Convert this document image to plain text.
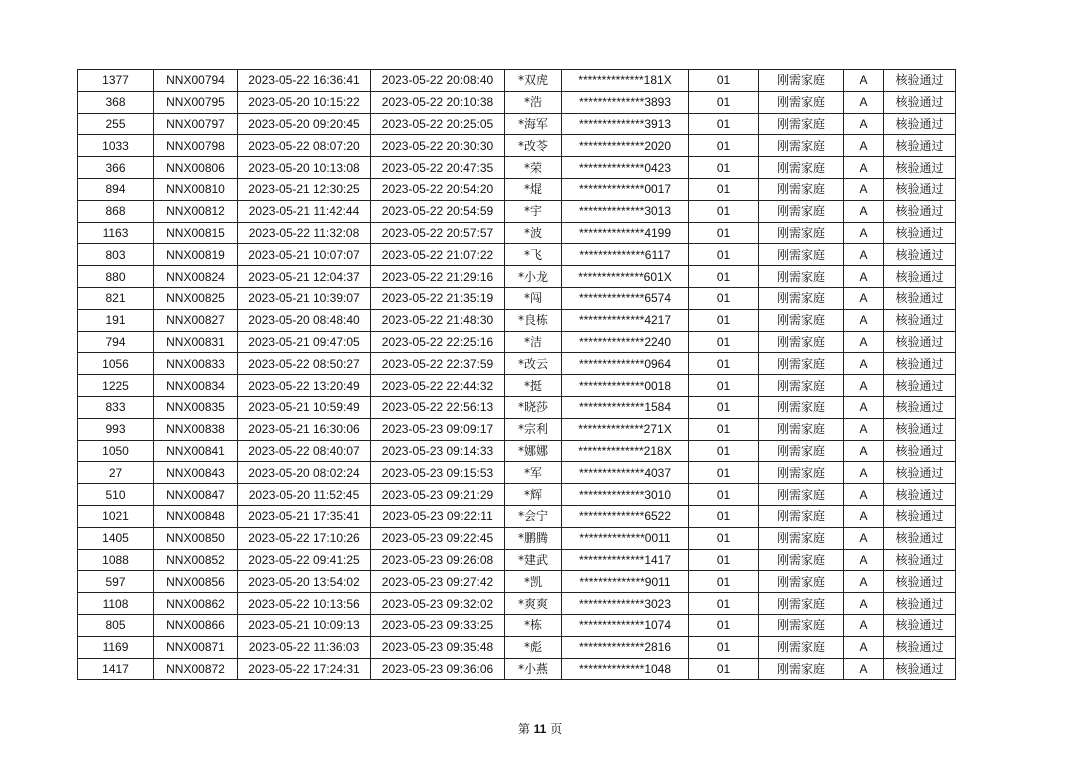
1377	NNX00794	2023-05-22 16:36:41	2023-05-22 20:08:40	*双虎	**************181X	01	刚需家庭	A	核验通过
368	NNX00795	2023-05-20 10:15:22	2023-05-22 20:10:38	*浩	**************3893	01	刚需家庭	A	核验通过
255	NNX00797	2023-05-20 09:20:45	2023-05-22 20:25:05	*海军	**************3913	01	刚需家庭	A	核验通过
1033	NNX00798	2023-05-22 08:07:20	2023-05-22 20:30:30	*改苓	**************2020	01	刚需家庭	A	核验通过
366	NNX00806	2023-05-20 10:13:08	2023-05-22 20:47:35	*荣	**************0423	01	刚需家庭	A	核验通过
894	NNX00810	2023-05-21 12:30:25	2023-05-22 20:54:20	*焜	**************0017	01	刚需家庭	A	核验通过
868	NNX00812	2023-05-21 11:42:44	2023-05-22 20:54:59	*宇	**************3013	01	刚需家庭	A	核验通过
1163	NNX00815	2023-05-22 11:32:08	2023-05-22 20:57:57	*波	**************4199	01	刚需家庭	A	核验通过
803	NNX00819	2023-05-21 10:07:07	2023-05-22 21:07:22	*飞	**************6117	01	刚需家庭	A	核验通过
880	NNX00824	2023-05-21 12:04:37	2023-05-22 21:29:16	*小龙	**************601X	01	刚需家庭	A	核验通过
821	NNX00825	2023-05-21 10:39:07	2023-05-22 21:35:19	*闯	**************6574	01	刚需家庭	A	核验通过
191	NNX00827	2023-05-20 08:48:40	2023-05-22 21:48:30	*良栋	**************4217	01	刚需家庭	A	核验通过
794	NNX00831	2023-05-21 09:47:05	2023-05-22 22:25:16	*洁	**************2240	01	刚需家庭	A	核验通过
1056	NNX00833	2023-05-22 08:50:27	2023-05-22 22:37:59	*改云	**************0964	01	刚需家庭	A	核验通过
1225	NNX00834	2023-05-22 13:20:49	2023-05-22 22:44:32	*挺	**************0018	01	刚需家庭	A	核验通过
833	NNX00835	2023-05-21 10:59:49	2023-05-22 22:56:13	*晓莎	**************1584	01	刚需家庭	A	核验通过
993	NNX00838	2023-05-21 16:30:06	2023-05-23 09:09:17	*宗利	**************271X	01	刚需家庭	A	核验通过
1050	NNX00841	2023-05-22 08:40:07	2023-05-23 09:14:33	*娜娜	**************218X	01	刚需家庭	A	核验通过
27	NNX00843	2023-05-20 08:02:24	2023-05-23 09:15:53	*军	**************4037	01	刚需家庭	A	核验通过
510	NNX00847	2023-05-20 11:52:45	2023-05-23 09:21:29	*辉	**************3010	01	刚需家庭	A	核验通过
1021	NNX00848	2023-05-21 17:35:41	2023-05-23 09:22:11	*会宁	**************6522	01	刚需家庭	A	核验通过
1405	NNX00850	2023-05-22 17:10:26	2023-05-23 09:22:45	*鹏腾	**************0011	01	刚需家庭	A	核验通过
1088	NNX00852	2023-05-22 09:41:25	2023-05-23 09:26:08	*建武	**************1417	01	刚需家庭	A	核验通过
597	NNX00856	2023-05-20 13:54:02	2023-05-23 09:27:42	*凯	**************9011	01	刚需家庭	A	核验通过
1108	NNX00862	2023-05-22 10:13:56	2023-05-23 09:32:02	*爽爽	**************3023	01	刚需家庭	A	核验通过
805	NNX00866	2023-05-21 10:09:13	2023-05-23 09:33:25	*栋	**************1074	01	刚需家庭	A	核验通过
1169	NNX00871	2023-05-22 11:36:03	2023-05-23 09:35:48	*彪	**************2816	01	刚需家庭	A	核验通过
1417	NNX00872	2023-05-22 17:24:31	2023-05-23 09:36:06	*小燕	**************1048	01	刚需家庭	A	核验通过
第 11 页
